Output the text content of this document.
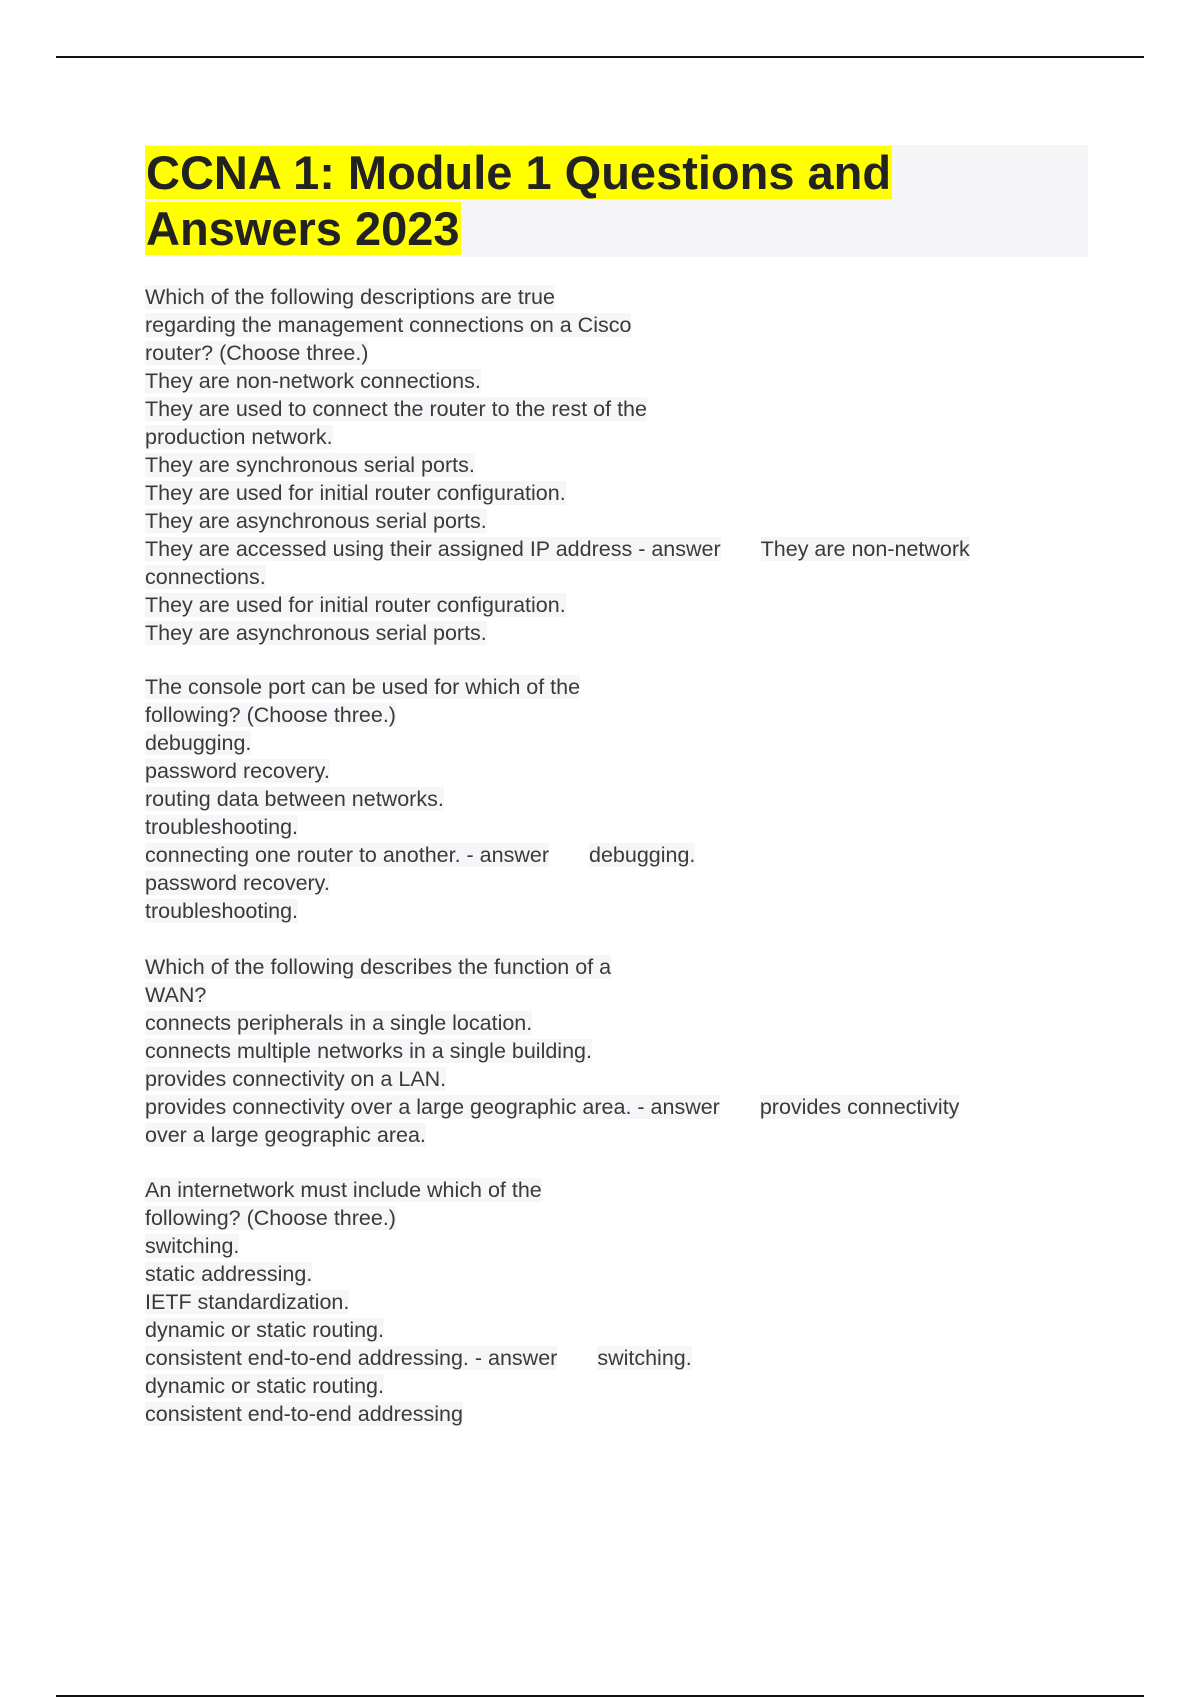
CCNA 1: Module 1 Questions and
Answers 2023
Which of the following descriptions are true
regarding the management connections on a Cisco
router? (Choose three.)
They are non-network connections.
They are used to connect the router to the rest of the
production network.
They are synchronous serial ports.
They are used for initial router configuration.
They are asynchronous serial ports.
They are accessed using their assigned IP address - answer They are non-network
connections.
They are used for initial router configuration.
They are asynchronous serial ports.
The console port can be used for which of the
following? (Choose three.)
debugging.
password recovery.
routing data between networks.
troubleshooting.
connecting one router to another. - answer debugging.
password recovery.
troubleshooting.
Which of the following describes the function of a
WAN?
connects peripherals in a single location.
connects multiple networks in a single building.
provides connectivity on a LAN.
provides connectivity over a large geographic area. - answer provides connectivity
over a large geographic area.
An internetwork must include which of the
following? (Choose three.)
switching.
static addressing.
IETF standardization.
dynamic or static routing.
consistent end-to-end addressing. - answer switching.
dynamic or static routing.
consistent end-to-end addressing
